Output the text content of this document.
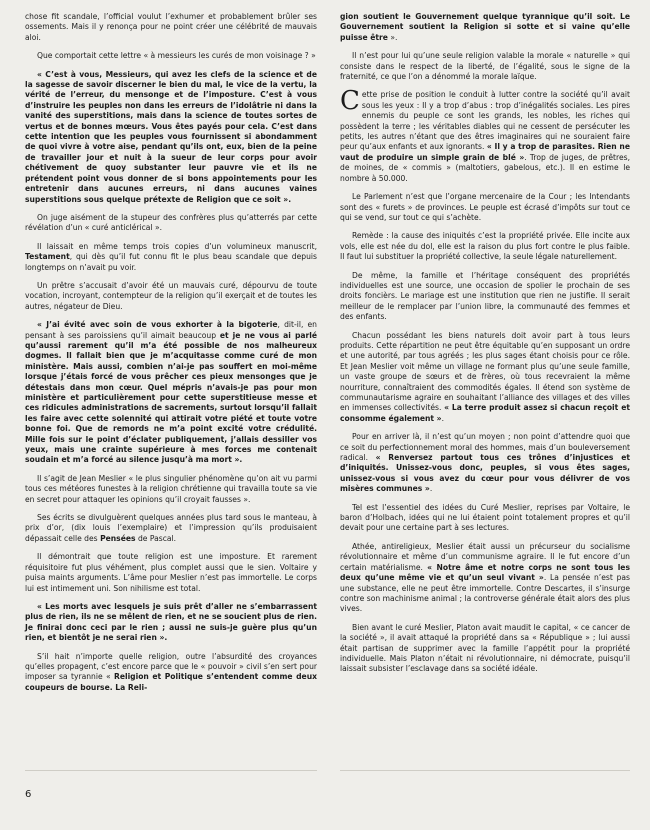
chose fit scandale, l’official voulut l’exhumer et probablement brûler ses ossements. Mais il y renonça pour ne point créer une célébrité de mauvais aloi.

Que comportait cette lettre « à messieurs les curés de mon voisinage ? »

« C’est à vous, Messieurs, qui avez les clefs de la science et de la sagesse de savoir discerner le bien du mal, le vice de la vertu, la vérité de l’erreur, du mensonge et de l’imposture. C’est à vous d’instruire les peuples non dans les erreurs de l’idolâtrie ni dans la vanité des superstitions, mais dans la science de toutes sortes de vertus et de bonnes mœurs. Vous êtes payés pour cela. C’est dans cette intention que les peuples vous fournissent si abondamment de quoi vivre à votre aise, pendant qu’ils ont, eux, bien de la peine de travailler jour et nuit à la sueur de leur corps pour avoir chétivement de quoy substanter leur pauvre vie et ils ne prétendent point vous donner de si bons appointements pour les entretenir dans aucunes erreurs, ni dans aucunes vaines superstitions sous quelque prétexte de Religion que ce soit ».

On juge aisément de la stupeur des confrères plus qu’atterrés par cette révélation d’un « curé anticlérical ».

Il laissait en même temps trois copies d’un volumineux manuscrit, Testament, qui dès qu’il fut connu fit le plus beau scandale que depuis longtemps on n’avait pu voir.

Un prêtre s’accusait d’avoir été un mauvais curé, dépourvu de toute vocation, incroyant, contempteur de la religion qu’il exerçait et de toutes les autres, négateur de Dieu.

« J’ai évité avec soin de vous exhorter à la bigoterie, dit-il, en pensant à ses paroissiens qu’il aimait beaucoup et je ne vous ai parlé qu’aussi rarement qu’il m’a été possible de nos malheureux dogmes. Il fallait bien que je m’acquitasse comme curé de mon ministère. Mais aussi, combien n’ai-je pas souffert en moi-même lorsque j’étais forcé de vous prêcher ces pieux mensonges que je détestais dans mon cœur. Quel mépris n’avais-je pas pour mon ministère et particulièrement pour cette superstitieuse messe et ces ridicules administrations de sacrements, surtout lorsqu’il fallait les faire avec cette solennité qui attirait votre piété et toute votre bonne foi. Que de remords ne m’a point excité votre crédulité. Mille fois sur le point d’éclater publiquement, j’allais dessiller vos yeux, mais une crainte supérieure à mes forces me contenait soudain et m’a forcé au silence jusqu’à ma mort ».

Il s’agit de Jean Meslier « le plus singulier phénomène qu’on ait vu parmi tous ces météores funestes à la religion chrétienne qui travailla toute sa vie en secret pour attaquer les opinions qu’il croyait fausses ».

Ses écrits se divulguèrent quelques années plus tard sous le manteau, à prix d’or, (dix louis l’exemplaire) et l’impression qu’ils produisaient dépassait celle des Pensées de Pascal.

Il démontrait que toute religion est une imposture. Et rarement réquisitoire fut plus véhément, plus complet aussi que le sien. Voltaire y puisa maints arguments. L’âme pour Meslier n’est pas immortelle. Le corps lui est intimement uni. Son nihilisme est total.

« Les morts avec lesquels je suis prêt d’aller ne s’embarrassent plus de rien, ils ne se mêlent de rien, et ne se soucient plus de rien. Je finirai donc ceci par le rien ; aussi ne suis-je guère plus qu’un rien, et bientôt je ne serai rien ».

S’il hait n’importe quelle religion, outre l’absurdité des croyances qu’elles propagent, c’est encore parce que le « pouvoir » civil s’en sert pour imposer sa tyrannie « Religion et Politique s’entendent comme deux coupeurs de bourse. La Reli-

gion soutient le Gouvernement quelque tyrannique qu’il soit. Le Gouvernement soutient la Religion si sotte et si vaine qu’elle puisse être ».

Il n’est pour lui qu’une seule religion valable la morale « naturelle » qui consiste dans le respect de la liberté, de l’égalité, sous le signe de la fraternité, ce que l’on a dénommé la morale laïque.

Cette prise de position le conduit à lutter contre la société qu’il avait sous les yeux : Il y a trop d’abus : trop d’inégalités sociales. Les pires ennemis du peuple ce sont les grands, les nobles, les riches qui possèdent la terre ; les véritables diables qui ne cessent de persécuter les petits, les autres n’étant que des êtres imaginaires qui ne souraient faire peur qu’aux enfants et aux ignorants. « Il y a trop de parasites. Rien ne vaut de produire un simple grain de blé ». Trop de juges, de prêtres, de moines, de « commis » (maltotiers, gabelous, etc.). Il en estime le nombre à 50.000.

Le Parlement n’est que l’organe mercenaire de la Cour ; les Intendants sont des « furets » de provinces. Le peuple est écrasé d’impôts sur tout ce qui se vend, sur tout ce qui s’achète.

Remède : la cause des iniquités c’est la propriété privée. Elle incite aux vols, elle est née du dol, elle est la raison du plus fort contre le plus faible. Il faut lui substituer la propriété collective, la seule légale naturellement.

De même, la famille et l’héritage conséquent des propriétés individuelles est une source, une occasion de spolier le prochain de ses droits foncièrs. Le mariage est une institution que rien ne justifie. Il serait meilleur de le remplacer par l’union libre, la communauté des femmes et des enfants.

Chacun possédant les biens naturels doit avoir part à tous leurs produits. Cette répartition ne peut être équitable qu’en supposant un ordre et une autorité, par tous agréés ; les plus sages étant choisis pour ce rôle. Et Jean Meslier voit même un village ne formant plus qu’une seule famille, un vaste groupe de sœurs et de frères, où tous recevraient la même nourriture, connaîtraient des commodités égales. Il étend son système de communautarisme agraire en souhaitant l’alliance des villages et des villes en immenses collectivités. « La terre produit assez si chacun reçoit et consomme également ».

Pour en arriver là, il n’est qu’un moyen ; non point d’attendre quoi que ce soit du perfectionnement moral des hommes, mais d’un bouleversement radical. « Renversez partout tous ces trônes d’injustices et d’iniquités. Unissez-vous donc, peuples, si vous êtes sages, unissez-vous si vous avez du cœur pour vous délivrer de vos misères communes ».

Tel est l’essentiel des idées du Curé Meslier, reprises par Voltaire, le baron d’Holbach, idées qui ne lui étaient point totalement propres et qu’il devait pour une certaine part à ses lectures.

Athée, antireligieux, Meslier était aussi un précurseur du socialisme révolutionnaire et même d’un communisme agraire. Il le fut encore d’un certain matérialisme. « Notre âme et notre corps ne sont tous les deux qu’une même vie et qu’un seul vivant ». La pensée n’est pas une substance, elle ne peut être immortelle. Contre Descartes, il s’insurge contre son machinisme animal ; la controverse générale était alors des plus vives.

Bien avant le curé Meslier, Platon avait maudit le capital, « ce cancer de la société », il avait attaqué la propriété dans sa « République » ; lui aussi était partisan de supprimer avec la famille l’appétit pour la propriété individuelle. Mais Platon n’était ni révolutionnaire, ni démocrate, puisqu’il laissait subsister l’esclavage dans sa société idéale.

6
